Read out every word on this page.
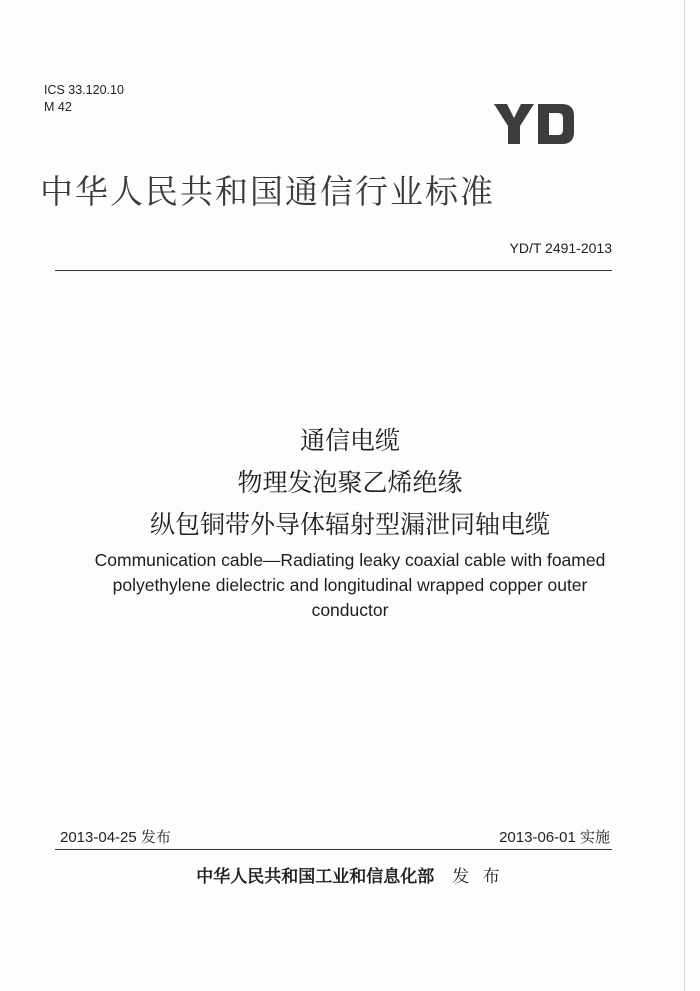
ICS 33.120.10
M 42
中华人民共和国通信行业标准
YD/T 2491-2013
通信电缆
物理发泡聚乙烯绝缘
纵包铜带外导体辐射型漏泄同轴电缆
Communication cable—Radiating leaky coaxial cable with foamed
polyethylene dielectric and longitudinal wrapped copper outer
conductor
2013-04-25 发布	2013-06-01 实施
中华人民共和国工业和信息化部 发 布
